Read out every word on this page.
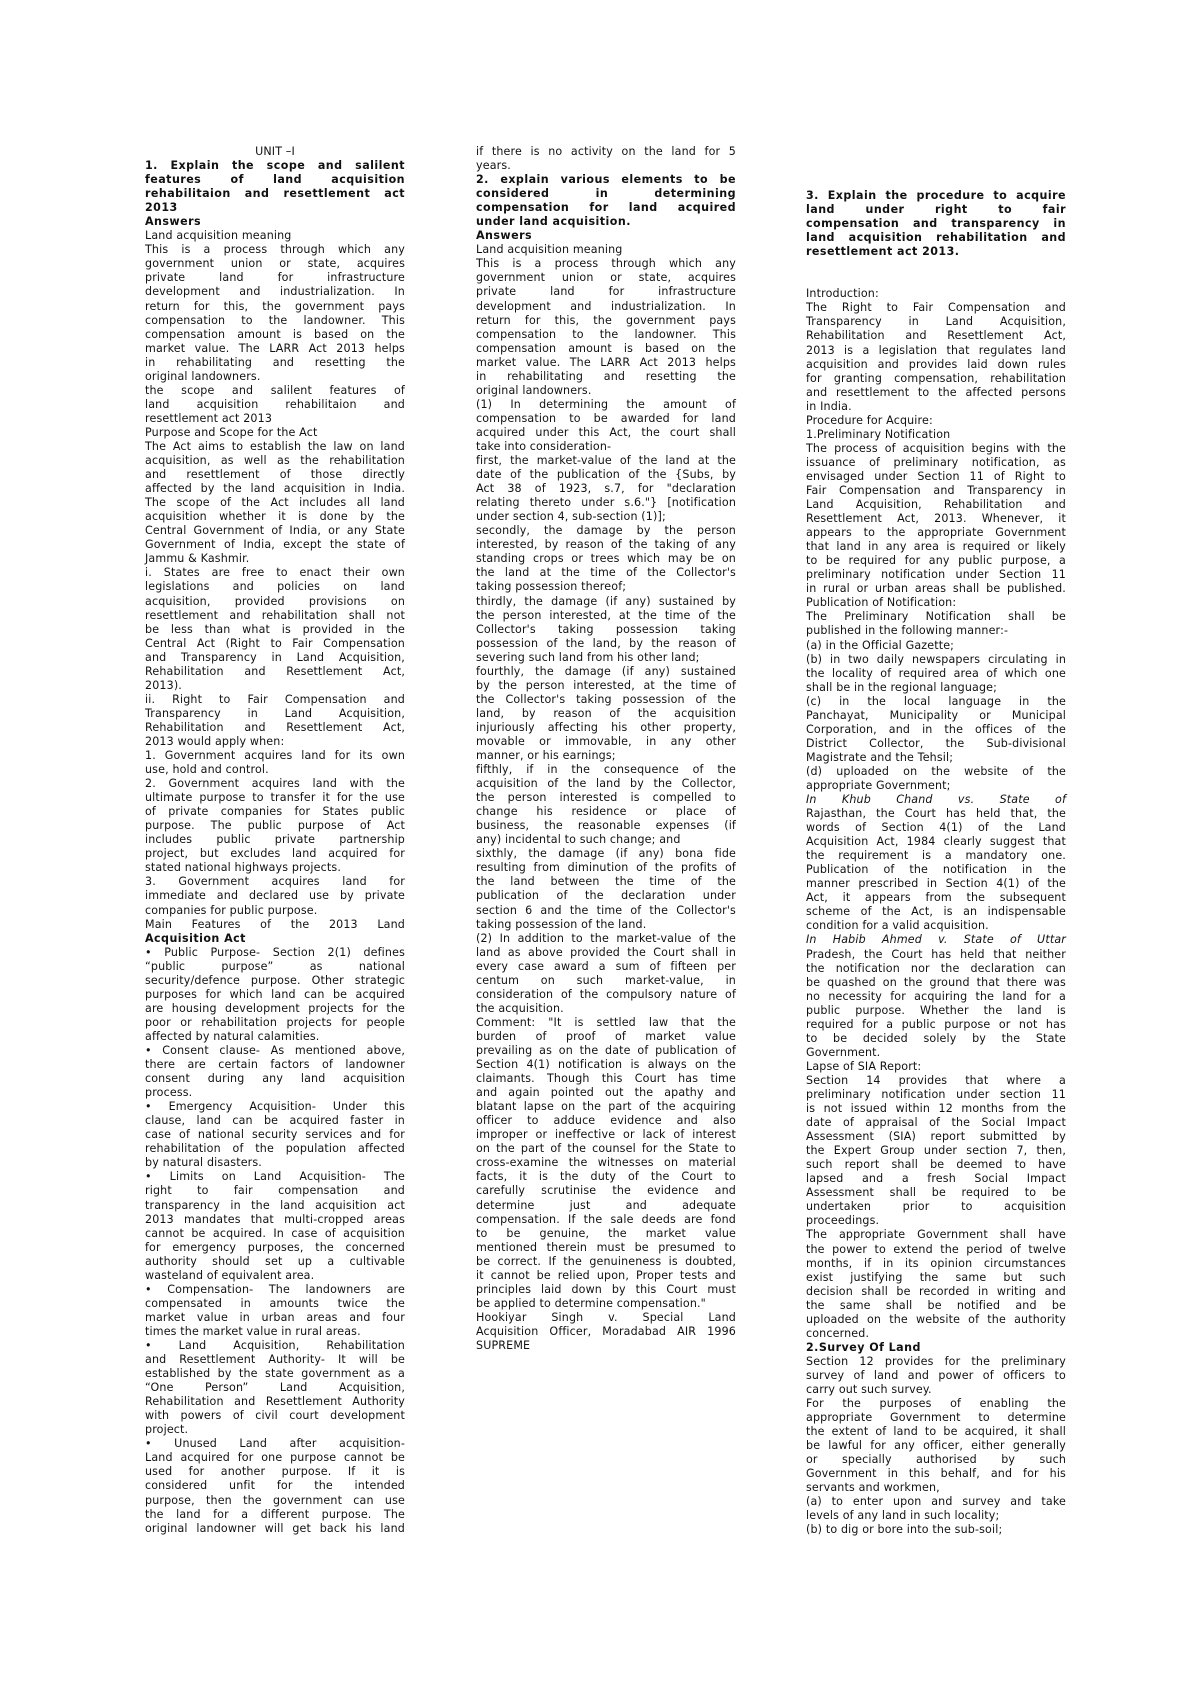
UNIT –I
1. Explain the scope and salilent
features of land acquisition
rehabilitaion and resettlement act
2013
Answers
Land acquisition meaning
This is a process through which any
government union or state, acquires
private land for infrastructure
development and industrialization. In
return for this, the government pays
compensation to the landowner. This
compensation amount is based on the
market value. The LARR Act 2013 helps
in rehabilitating and resetting the
original landowners.
the scope and salilent features of
land acquisition rehabilitaion and
resettlement act 2013
Purpose and Scope for the Act
The Act aims to establish the law on land
acquisition, as well as the rehabilitation
and resettlement of those directly
affected by the land acquisition in India.
The scope of the Act includes all land
acquisition whether it is done by the
Central Government of India, or any State
Government of India, except the state of
Jammu & Kashmir.
i. States are free to enact their own
legislations and policies on land
acquisition, provided provisions on
resettlement and rehabilitation shall not
be less than what is provided in the
Central Act (Right to Fair Compensation
and Transparency in Land Acquisition,
Rehabilitation and Resettlement Act,
2013).
ii. Right to Fair Compensation and
Transparency in Land Acquisition,
Rehabilitation and Resettlement Act,
2013 would apply when:
1. Government acquires land for its own
use, hold and control.
2. Government acquires land with the
ultimate purpose to transfer it for the use
of private companies for States public
purpose. The public purpose of Act
includes public private partnership
project, but excludes land acquired for
stated national highways projects.
3. Government acquires land for
immediate and declared use by private
companies for public purpose.
Main Features of the 2013 Land
Acquisition Act
• Public Purpose- Section 2(1) defines
“public purpose” as national
security/defence purpose. Other strategic
purposes for which land can be acquired
are housing development projects for the
poor or rehabilitation projects for people
affected by natural calamities.
• Consent clause- As mentioned above,
there are certain factors of landowner
consent during any land acquisition
process.
• Emergency Acquisition- Under this
clause, land can be acquired faster in
case of national security services and for
rehabilitation of the population affected
by natural disasters.
• Limits on Land Acquisition- The
right to fair compensation and
transparency in the land acquisition act
2013 mandates that multi-cropped areas
cannot be acquired. In case of acquisition
for emergency purposes, the concerned
authority should set up a cultivable
wasteland of equivalent area.
• Compensation- The landowners are
compensated in amounts twice the
market value in urban areas and four
times the market value in rural areas.
• Land Acquisition, Rehabilitation
and Resettlement Authority- It will be
established by the state government as a
“One Person” Land Acquisition,
Rehabilitation and Resettlement Authority
with powers of civil court development
project.
• Unused Land after acquisition-
Land acquired for one purpose cannot be
used for another purpose. If it is
considered unfit for the intended
purpose, then the government can use
the land for a different purpose. The
original landowner will get back his land
if there is no activity on the land for 5
years.
2. explain various elements to be
considered in determining
compensation for land acquired
under land acquisition.
Answers
Land acquisition meaning
This is a process through which any
government union or state, acquires
private land for infrastructure
development and industrialization. In
return for this, the government pays
compensation to the landowner. This
compensation amount is based on the
market value. The LARR Act 2013 helps
in rehabilitating and resetting the
original landowners.
(1) In determining the amount of
compensation to be awarded for land
acquired under this Act, the court shall
take into consideration-
first, the market-value of the land at the
date of the publication of the {Subs, by
Act 38 of 1923, s.7, for "declaration
relating thereto under s.6."} [notification
under section 4, sub-section (1)];
secondly, the damage by the person
interested, by reason of the taking of any
standing crops or trees which may be on
the land at the time of the Collector's
taking possession thereof;
thirdly, the damage (if any) sustained by
the person interested, at the time of the
Collector's taking possession taking
possession of the land, by the reason of
severing such land from his other land;
fourthly, the damage (if any) sustained
by the person interested, at the time of
the Collector's taking possession of the
land, by reason of the acquisition
injuriously affecting his other property,
movable or immovable, in any other
manner, or his earnings;
fifthly, if in the consequence of the
acquisition of the land by the Collector,
the person interested is compelled to
change his residence or place of
business, the reasonable expenses (if
any) incidental to such change; and
sixthly, the damage (if any) bona fide
resulting from diminution of the profits of
the land between the time of the
publication of the declaration under
section 6 and the time of the Collector's
taking possession of the land.
(2) In addition to the market-value of the
land as above provided the Court shall in
every case award a sum of fifteen per
centum on such market-value, in
consideration of the compulsory nature of
the acquisition.
Comment: "It is settled law that the
burden of proof of market value
prevailing as on the date of publication of
Section 4(1) notification is always on the
claimants. Though this Court has time
and again pointed out the apathy and
blatant lapse on the part of the acquiring
officer to adduce evidence and also
improper or ineffective or lack of interest
on the part of the counsel for the State to
cross-examine the witnesses on material
facts, it is the duty of the Court to
carefully scrutinise the evidence and
determine just and adequate
compensation. If the sale deeds are fond
to be genuine, the market value
mentioned therein must be presumed to
be correct. If the genuineness is doubted,
it cannot be relied upon, Proper tests and
principles laid down by this Court must
be applied to determine compensation."
Hookiyar Singh v. Special Land
Acquisition Officer, Moradabad AIR 1996
SUPREME
3. Explain the procedure to acquire
land under right to fair
compensation and transparency in
land acquisition rehabilitation and
resettlement act 2013.
Introduction:
The Right to Fair Compensation and
Transparency in Land Acquisition,
Rehabilitation and Resettlement Act,
2013 is a legislation that regulates land
acquisition and provides laid down rules
for granting compensation, rehabilitation
and resettlement to the affected persons
in India.
Procedure for Acquire:
1.Preliminary Notification
The process of acquisition begins with the
issuance of preliminary notification, as
envisaged under Section 11 of Right to
Fair Compensation and Transparency in
Land Acquisition, Rehabilitation and
Resettlement Act, 2013. Whenever, it
appears to the appropriate Government
that land in any area is required or likely
to be required for any public purpose, a
preliminary notification under Section 11
in rural or urban areas shall be published.
Publication of Notification:
The Preliminary Notification shall be
published in the following manner:-
(a) in the Official Gazette;
(b) in two daily newspapers circulating in
the locality of required area of which one
shall be in the regional language;
(c) in the local language in the
Panchayat, Municipality or Municipal
Corporation, and in the offices of the
District Collector, the Sub-divisional
Magistrate and the Tehsil;
(d) uploaded on the website of the
appropriate Government;
In Khub Chand vs. State of
Rajasthan, the Court has held that, the
words of Section 4(1) of the Land
Acquisition Act, 1984 clearly suggest that
the requirement is a mandatory one.
Publication of the notification in the
manner prescribed in Section 4(1) of the
Act, it appears from the subsequent
scheme of the Act, is an indispensable
condition for a valid acquisition.
In Habib Ahmed v. State of Uttar
Pradesh, the Court has held that neither
the notification nor the declaration can
be quashed on the ground that there was
no necessity for acquiring the land for a
public purpose. Whether the land is
required for a public purpose or not has
to be decided solely by the State
Government.
Lapse of SIA Report:
Section 14 provides that where a
preliminary notification under section 11
is not issued within 12 months from the
date of appraisal of the Social Impact
Assessment (SIA) report submitted by
the Expert Group under section 7, then,
such report shall be deemed to have
lapsed and a fresh Social Impact
Assessment shall be required to be
undertaken prior to acquisition
proceedings.
The appropriate Government shall have
the power to extend the period of twelve
months, if in its opinion circumstances
exist justifying the same but such
decision shall be recorded in writing and
the same shall be notified and be
uploaded on the website of the authority
concerned.
2.Survey Of Land
Section 12 provides for the preliminary
survey of land and power of officers to
carry out such survey.
For the purposes of enabling the
appropriate Government to determine
the extent of land to be acquired, it shall
be lawful for any officer, either generally
or specially authorised by such
Government in this behalf, and for his
servants and workmen,
(a) to enter upon and survey and take
levels of any land in such locality;
(b) to dig or bore into the sub-soil;
